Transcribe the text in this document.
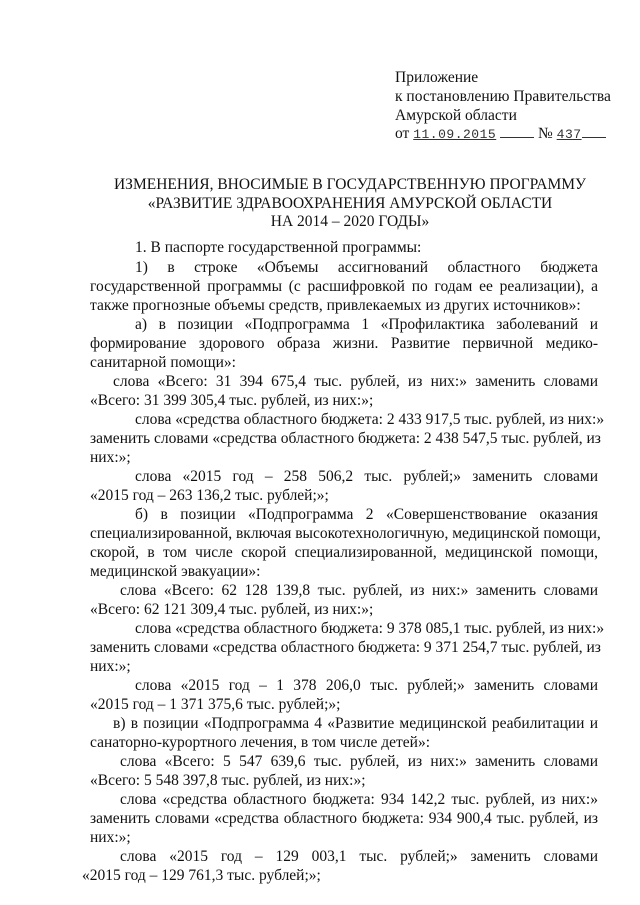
Приложение
к постановлению Правительства
Амурской области
от 11.09.2015	№ 437
ИЗМЕНЕНИЯ, ВНОСИМЫЕ В ГОСУДАРСТВЕННУЮ ПРОГРАММУ
«РАЗВИТИЕ ЗДРАВООХРАНЕНИЯ АМУРСКОЙ ОБЛАСТИ
НА 2014 – 2020 ГОДЫ»
1. В паспорте государственной программы:
1) в строке «Объемы ассигнований областного бюджета
государственной программы (с расшифровкой по годам ее реализации), а
также прогнозные объемы средств, привлекаемых из других источников»:
а) в позиции «Подпрограмма 1 «Профилактика заболеваний и
формирование здорового образа жизни. Развитие первичной медико-
санитарной помощи»:
слова «Всего: 31 394 675,4 тыс. рублей, из них:» заменить словами
«Всего: 31 399 305,4 тыс. рублей, из них:»;
слова «средства областного бюджета: 2 433 917,5 тыс. рублей, из них:»
заменить словами «средства областного бюджета: 2 438 547,5 тыс. рублей, из
них:»;
слова «2015 год – 258 506,2 тыс. рублей;» заменить словами
«2015 год – 263 136,2 тыс. рублей;»;
б) в позиции «Подпрограмма 2 «Совершенствование оказания
специализированной, включая высокотехнологичную, медицинской помощи,
скорой, в том числе скорой специализированной, медицинской помощи,
медицинской эвакуации»:
слова «Всего: 62 128 139,8 тыс. рублей, из них:» заменить словами
«Всего: 62 121 309,4 тыс. рублей, из них:»;
слова «средства областного бюджета: 9 378 085,1 тыс. рублей, из них:»
заменить словами «средства областного бюджета: 9 371 254,7 тыс. рублей, из
них:»;
слова «2015 год – 1 378 206,0 тыс. рублей;» заменить словами
«2015 год – 1 371 375,6 тыс. рублей;»;
в) в позиции «Подпрограмма 4 «Развитие медицинской реабилитации и
санаторно-курортного лечения, в том числе детей»:
слова «Всего: 5 547 639,6 тыс. рублей, из них:» заменить словами
«Всего: 5 548 397,8 тыс. рублей, из них:»;
слова «средства областного бюджета: 934 142,2 тыс. рублей, из них:»
заменить словами «средства областного бюджета: 934 900,4 тыс. рублей, из
них:»;
слова «2015 год – 129 003,1 тыс. рублей;» заменить словами
«2015 год – 129 761,3 тыс. рублей;»;
